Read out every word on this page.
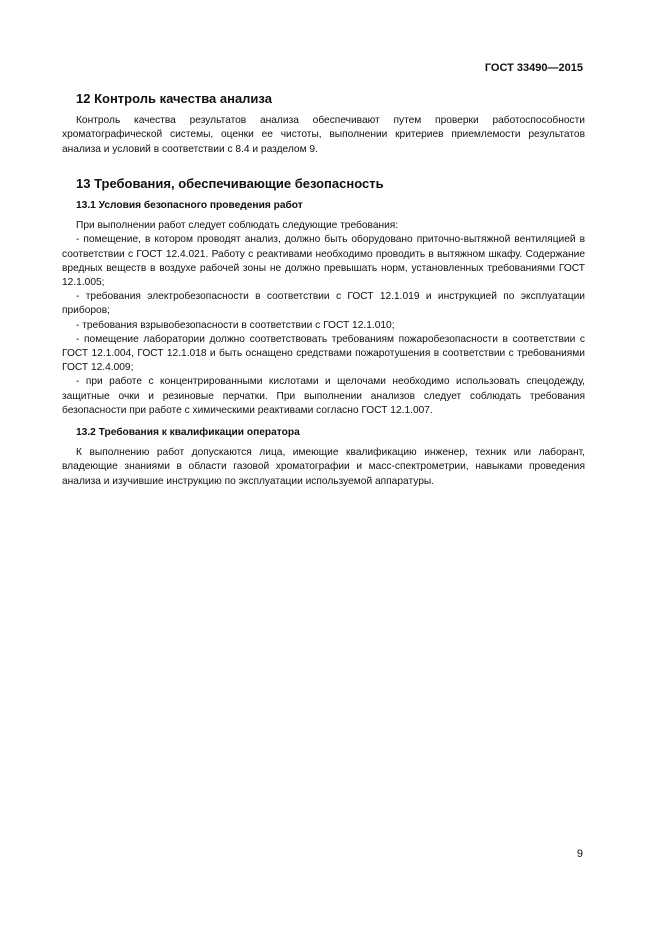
ГОСТ 33490—2015
12 Контроль качества анализа

Контроль качества результатов анализа обеспечивают путем проверки работоспособности хроматографической системы, оценки ее чистоты, выполнении критериев приемлемости результатов анализа и условий в соответствии с 8.4 и разделом 9.

13 Требования, обеспечивающие безопасность
13.1 Условия безопасного проведения работ

При выполнении работ следует соблюдать следующие требования:

- помещение, в котором проводят анализ, должно быть оборудовано приточно-вытяжной вентиляцией в соответствии с ГОСТ 12.4.021. Работу с реактивами необходимо проводить в вытяжном шкафу. Содержание вредных веществ в воздухе рабочей зоны не должно превышать норм, установленных требованиями ГОСТ 12.1.005;

- требования электробезопасности в соответствии с ГОСТ 12.1.019 и инструкцией по эксплуатации приборов;

- требования взрывобезопасности в соответствии с ГОСТ 12.1.010;

- помещение лаборатории должно соответствовать требованиям пожаробезопасности в соответствии с ГОСТ 12.1.004, ГОСТ 12.1.018 и быть оснащено средствами пожаротушения в соответствии с требованиями ГОСТ 12.4.009;

- при работе с концентрированными кислотами и щелочами необходимо использовать спецодежду, защитные очки и резиновые перчатки. При выполнении анализов следует соблюдать требования безопасности при работе с химическими реактивами согласно ГОСТ 12.1.007.

13.2 Требования к квалификации оператора

К выполнению работ допускаются лица, имеющие квалификацию инженер, техник или лаборант, владеющие знаниями в области газовой хроматографии и масс-спектрометрии, навыками проведения анализа и изучившие инструкцию по эксплуатации используемой аппаратуры.

9
